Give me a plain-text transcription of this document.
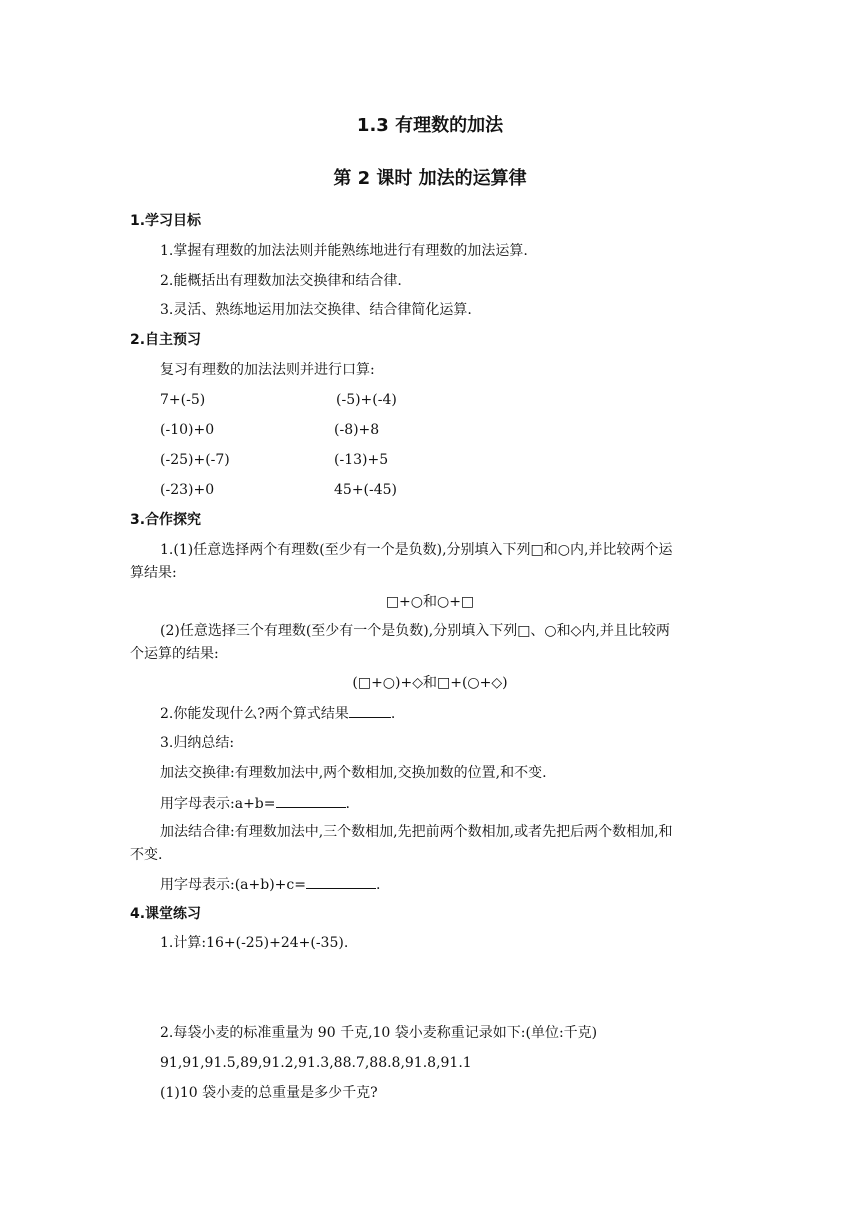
1.3 有理数的加法
第 2 课时 加法的运算律
1.学习目标
1.掌握有理数的加法法则并能熟练地进行有理数的加法运算.
2.能概括出有理数加法交换律和结合律.
3.灵活、熟练地运用加法交换律、结合律简化运算.
2.自主预习
复习有理数的加法法则并进行口算:
7+(-5)	(-5)+(-4)
(-10)+0	(-8)+8
(-25)+(-7)	(-13)+5
(-23)+0	45+(-45)
3.合作探究
1.(1)任意选择两个有理数(至少有一个是负数),分别填入下列□和○内,并比较两个运
算结果:
□+○和○+□
(2)任意选择三个有理数(至少有一个是负数),分别填入下列□、○和◇内,并且比较两
个运算的结果:
(□+○)+◇和□+(○+◇)
2.你能发现什么?两个算式结果	.
3.归纳总结:
加法交换律:有理数加法中,两个数相加,交换加数的位置,和不变.
用字母表示:a+b=	.
加法结合律:有理数加法中,三个数相加,先把前两个数相加,或者先把后两个数相加,和
不变.
用字母表示:(a+b)+c=	.
4.课堂练习
1.计算:16+(-25)+24+(-35).
2.每袋小麦的标准重量为 90 千克,10 袋小麦称重记录如下:(单位:千克)
91,91,91.5,89,91.2,91.3,88.7,88.8,91.8,91.1
(1)10 袋小麦的总重量是多少千克?
